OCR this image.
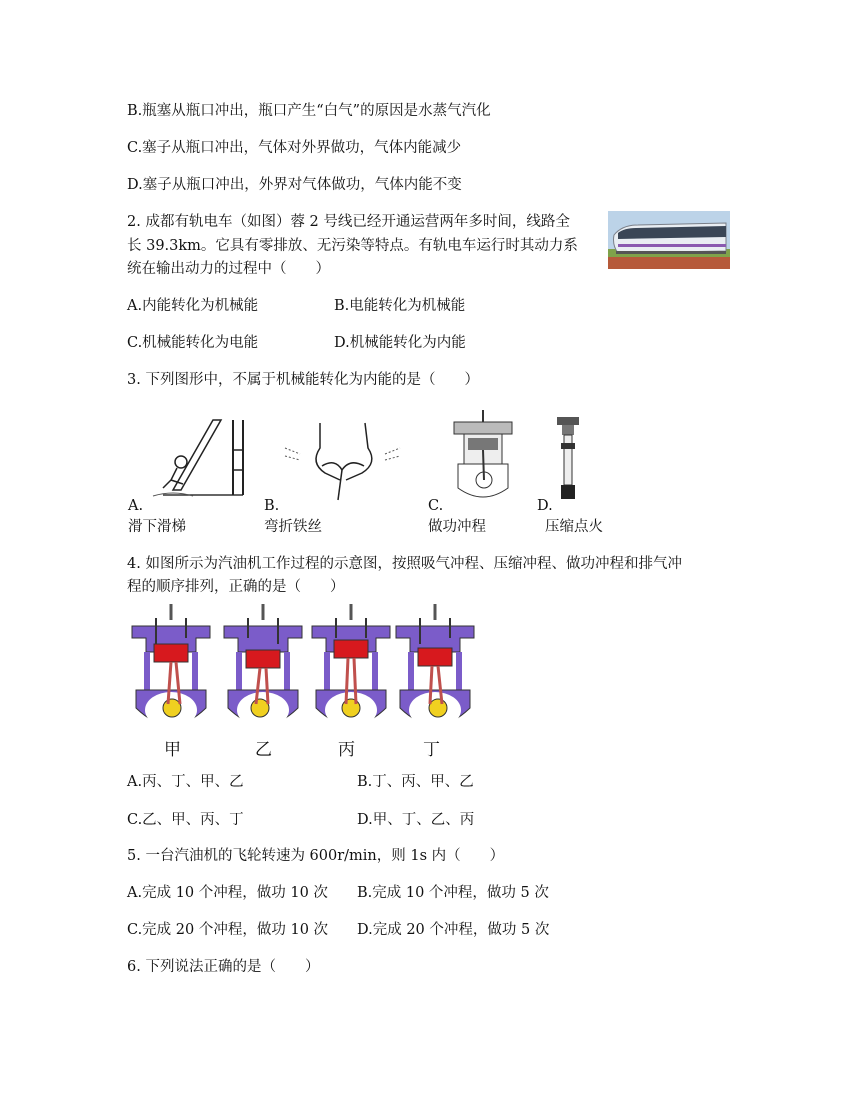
B.瓶塞从瓶口冲出，瓶口产生“白气”的原因是水蒸气汽化
C.塞子从瓶口冲出，气体对外界做功，气体内能减少
D.塞子从瓶口冲出，外界对气体做功，气体内能不变
2. 成都有轨电车（如图）蓉 2 号线已经开通运营两年多时间，线路全
长 39.3km。它具有零排放、无污染等特点。有轨电车运行时其动力系
统在输出动力的过程中（　　）
A.内能转化为机械能	B.电能转化为机械能
C.机械能转化为电能	D.机械能转化为内能
3. 下列图形中，不属于机械能转化为内能的是（　　）
A.	B.	C.	D.
滑下滑梯	弯折铁丝	做功冲程	压缩点火
4. 如图所示为汽油机工作过程的示意图，按照吸气冲程、压缩冲程、做功冲程和排气冲
程的顺序排列，正确的是（　　）
甲	乙	丙	丁
A.丙、丁、甲、乙	B.丁、丙、甲、乙
C.乙、甲、丙、丁	D.甲、丁、乙、丙
5. 一台汽油机的飞轮转速为 600r/min，则 1s 内（　　）
A.完成 10 个冲程，做功 10 次 B.完成 10 个冲程，做功 5 次
C.完成 20 个冲程，做功 10 次 D.完成 20 个冲程，做功 5 次
6. 下列说法正确的是（　　）
